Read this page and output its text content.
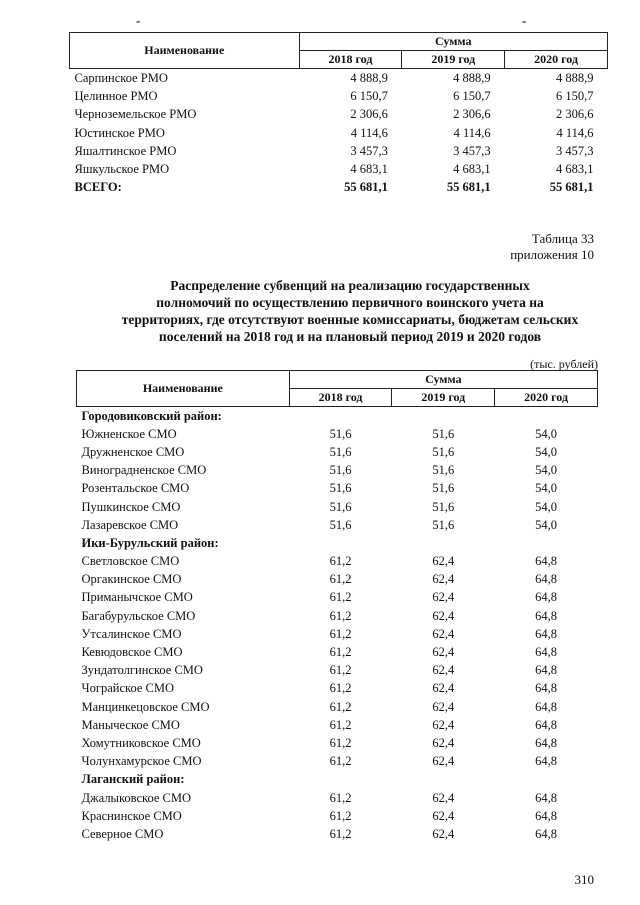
-	-
Наименование	Сумма		
	2018 год	2019 год	2020 год
Сарпинское РМО	4 888,9	4 888,9	4 888,9
Целинное РМО	6 150,7	6 150,7	6 150,7
Черноземельское РМО	2 306,6	2 306,6	2 306,6
Юстинское РМО	4 114,6	4 114,6	4 114,6
Яшалтинское РМО	3 457,3	3 457,3	3 457,3
Яшкульское РМО	4 683,1	4 683,1	4 683,1
ВСЕГО:	55 681,1	55 681,1	55 681,1
Таблица 33
приложения 10
Распределение субвенций на реализацию государственных
полномочий по осуществлению первичного воинского учета на
территориях, где отсутствуют военные комиссариаты, бюджетам сельских
поселений на 2018 год и на плановый период 2019 и 2020 годов
(тыс. рублей)
Наименование	Сумма		
	2018 год	2019 год	2020 год
Городовиковский район:			
Южненское СМО	51,6	51,6	54,0
Дружненское СМО	51,6	51,6	54,0
Виноградненское СМО	51,6	51,6	54,0
Розентальское СМО	51,6	51,6	54,0
Пушкинское СМО	51,6	51,6	54,0
Лазаревское СМО	51,6	51,6	54,0
Ики-Бурульский район:			
Светловское СМО	61,2	62,4	64,8
Оргакинское СМО	61,2	62,4	64,8
Приманычское СМО	61,2	62,4	64,8
Багабурульское СМО	61,2	62,4	64,8
Утсалинское СМО	61,2	62,4	64,8
Кевюдовское СМО	61,2	62,4	64,8
Зундатолгинское СМО	61,2	62,4	64,8
Чограйское СМО	61,2	62,4	64,8
Манцинкецовское СМО	61,2	62,4	64,8
Маныческое СМО	61,2	62,4	64,8
Хомутниковское СМО	61,2	62,4	64,8
Чолунхамурское СМО	61,2	62,4	64,8
Лаганский район:			
Джалыковское СМО	61,2	62,4	64,8
Краснинское СМО	61,2	62,4	64,8
Северное СМО	61,2	62,4	64,8
310
